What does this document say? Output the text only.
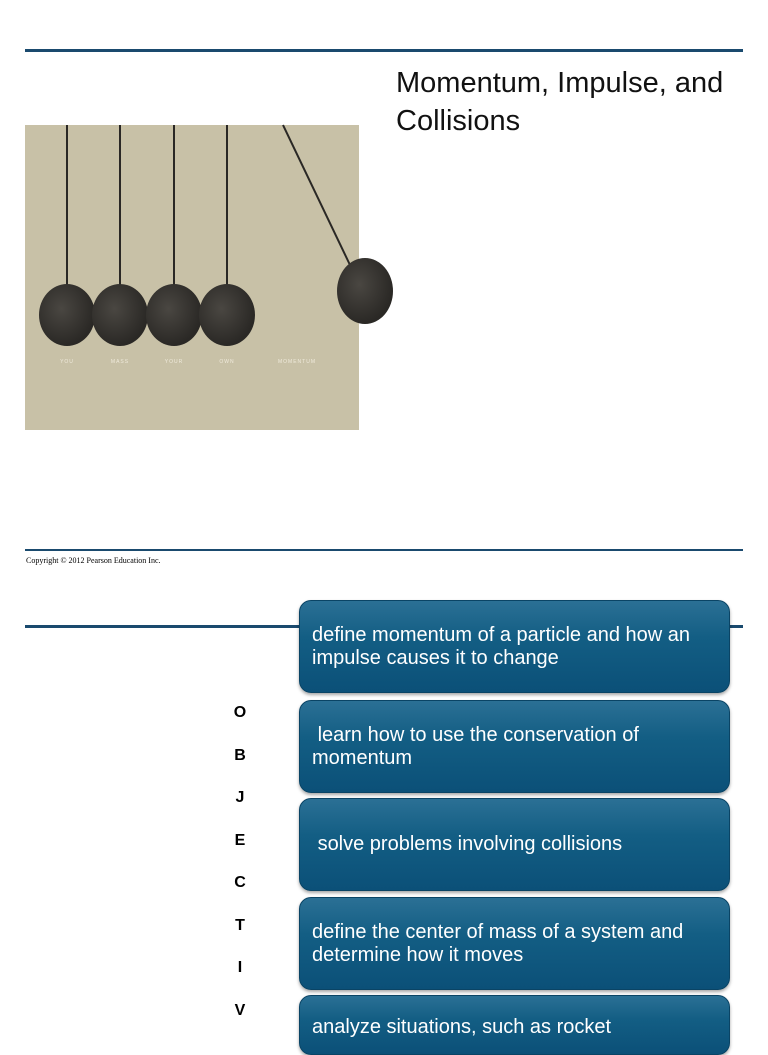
Momentum, Impulse, and Collisions
YOU	MASS	YOUR	OWN	MOMENTUM
Copyright © 2012 Pearson Education Inc.
O
B
J
E
C
T
I
V
define momentum of a particle and how an impulse causes it to change
learn how to use the conservation of momentum
solve problems involving collisions
define the center of mass of a system and determine how it moves
analyze situations, such as rocket
